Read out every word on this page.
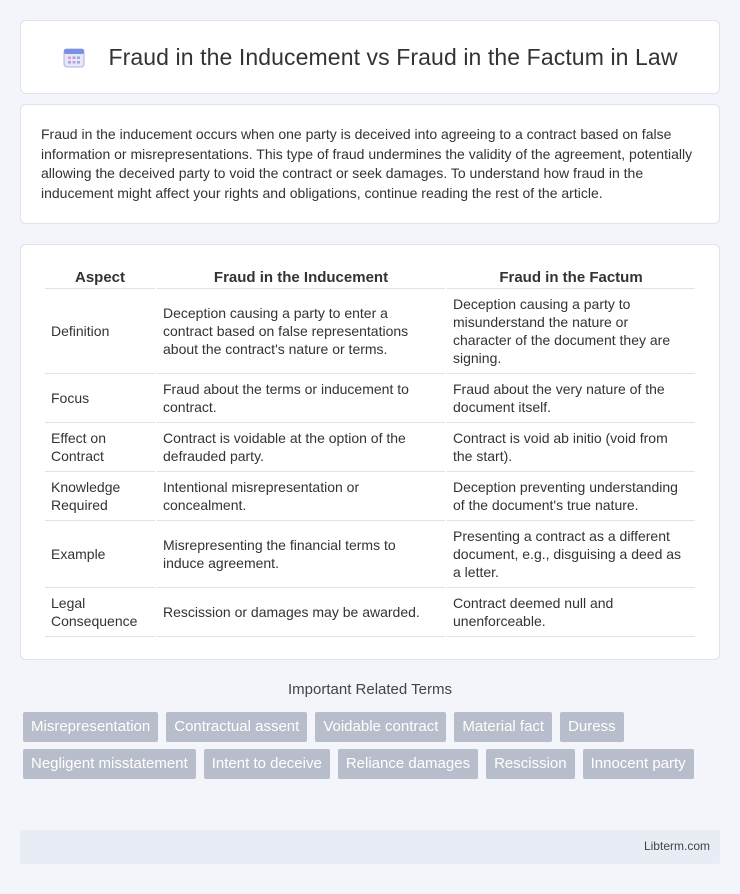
Fraud in the Inducement vs Fraud in the Factum in Law

Fraud in the inducement occurs when one party is deceived into agreeing to a contract based on false information or misrepresentations. This type of fraud undermines the validity of the agreement, potentially allowing the deceived party to void the contract or seek damages. To understand how fraud in the inducement might affect your rights and obligations, continue reading the rest of the article.

Aspect	Fraud in the Inducement	Fraud in the Factum
Definition	Deception causing a party to enter a contract based on false representations about the contract's nature or terms.	Deception causing a party to misunderstand the nature or character of the document they are signing.
Focus	Fraud about the terms or inducement to contract.	Fraud about the very nature of the document itself.
Effect on Contract	Contract is voidable at the option of the defrauded party.	Contract is void ab initio (void from the start).
Knowledge Required	Intentional misrepresentation or concealment.	Deception preventing understanding of the document's true nature.
Example	Misrepresenting the financial terms to induce agreement.	Presenting a contract as a different document, e.g., disguising a deed as a letter.
Legal Consequence	Rescission or damages may be awarded.	Contract deemed null and unenforceable.
Important Related Terms
Misrepresentation	Contractual assent	Voidable contract	Material fact	Duress
Negligent misstatement	Intent to deceive	Reliance damages	Rescission	Innocent party
Libterm.com
